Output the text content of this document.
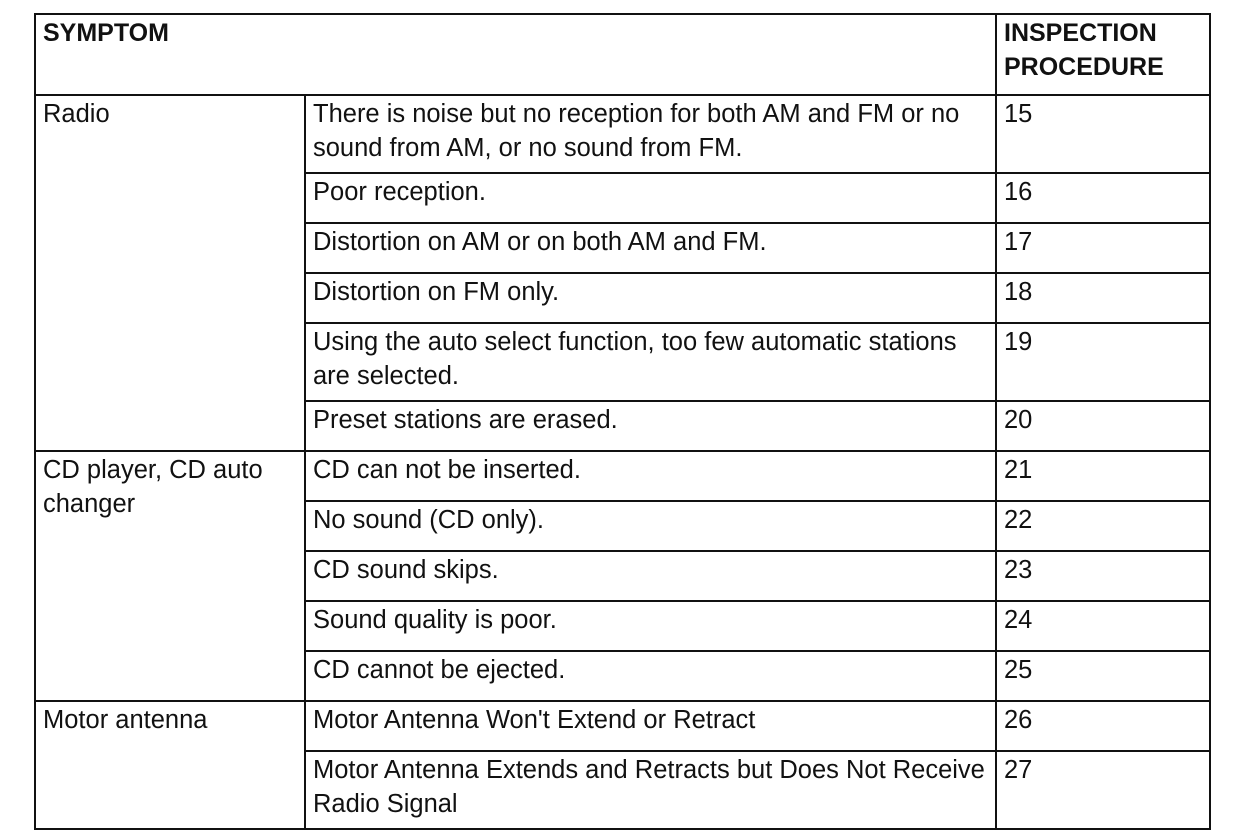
SYMPTOM		INSPECTION
PROCEDURE
Radio	There is noise but no reception for both AM and FM or no sound from AM, or no sound from FM.	15
	Poor reception.	16
	Distortion on AM or on both AM and FM.	17
	Distortion on FM only.	18
	Using the auto select function, too few automatic stations are selected.	19
	Preset stations are erased.	20
CD player, CD auto changer	CD can not be inserted.	21
	No sound (CD only).	22
	CD sound skips.	23
	Sound quality is poor.	24
	CD cannot be ejected.	25
Motor antenna	Motor Antenna Won't Extend or Retract	26
	Motor Antenna Extends and Retracts but Does Not Receive Radio Signal	27
